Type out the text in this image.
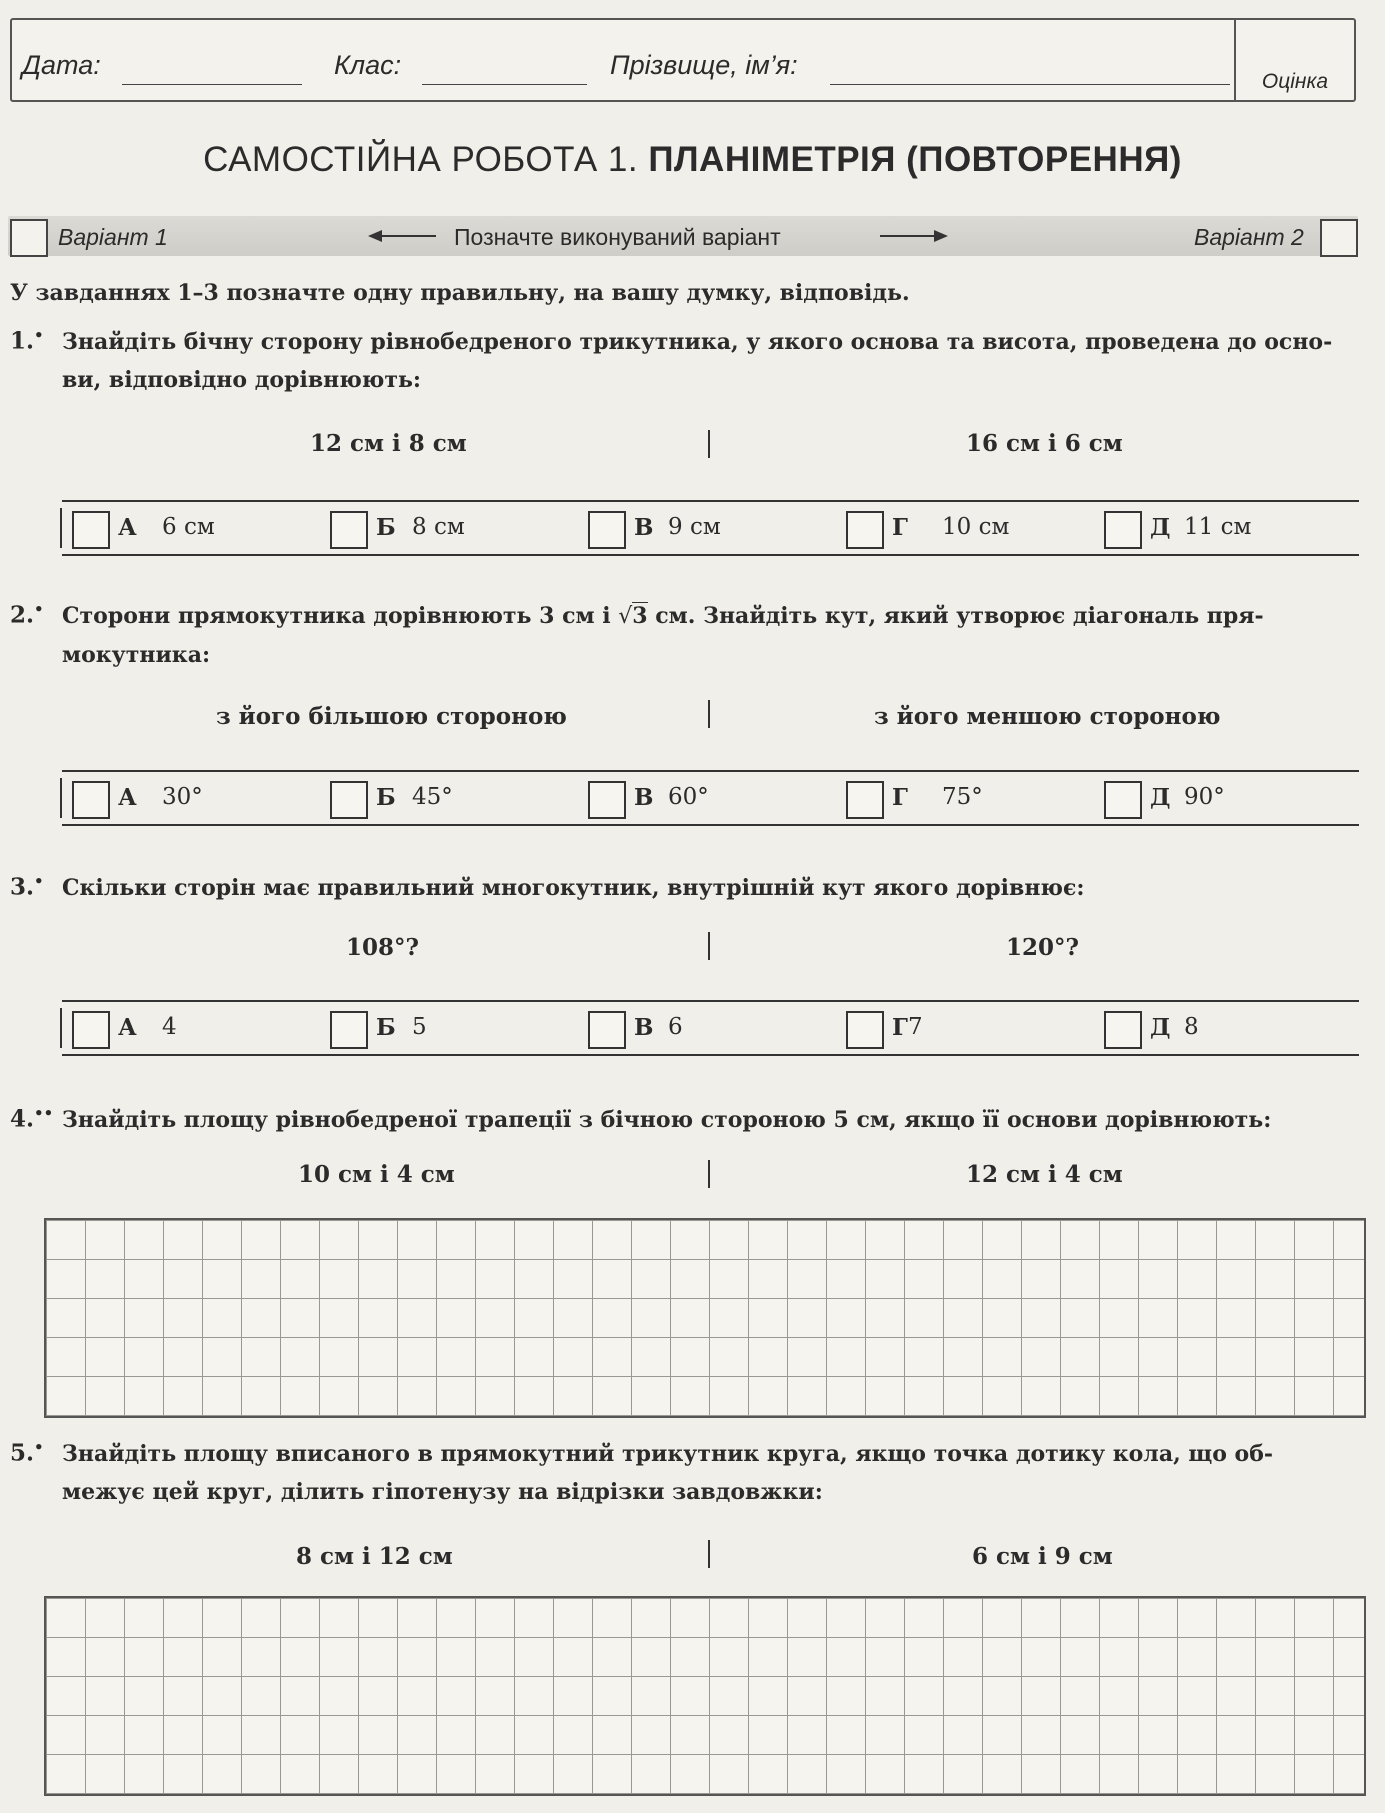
Дата:	Клас:	Прізвище, ім’я:
Оцінка
САМОСТІЙНА РОБОТА 1. ПЛАНІМЕТРІЯ (ПОВТОРЕННЯ)
Варіант 1	Позначте виконуваний варіант	Варіант 2
У завданнях 1–3 позначте одну правильну, на вашу думку, відповідь.
1.• Знайдіть бічну сторону рівнобедреного трикутника, у якого основа та висота, проведена до осно-
ви, відповідно дорівнюють:
12 см і 8 см	16 см і 6 см
А 6 см	Б 8 см	В 9 см	Г 10 см	Д 11 см
2.• Сторони прямокутника дорівнюють 3 см і √3 см. Знайдіть кут, який утворює діагональ пря-
мокутника:
з його більшою стороною	з його меншою стороною
А 30°	Б 45°	В 60°	Г 75°	Д 90°
3.• Скільки сторін має правильний многокутник, внутрішній кут якого дорівнює:
108°?	120°?
А 4	Б 5	В 6	Г 7	Д 8
4.•• Знайдіть площу рівнобедреної трапеції з бічною стороною 5 см, якщо її основи дорівнюють:
10 см і 4 см	12 см і 4 см
5.• Знайдіть площу вписаного в прямокутний трикутник круга, якщо точка дотику кола, що об-
межує цей круг, ділить гіпотенузу на відрізки завдовжки:
8 см і 12 см	6 см і 9 см
